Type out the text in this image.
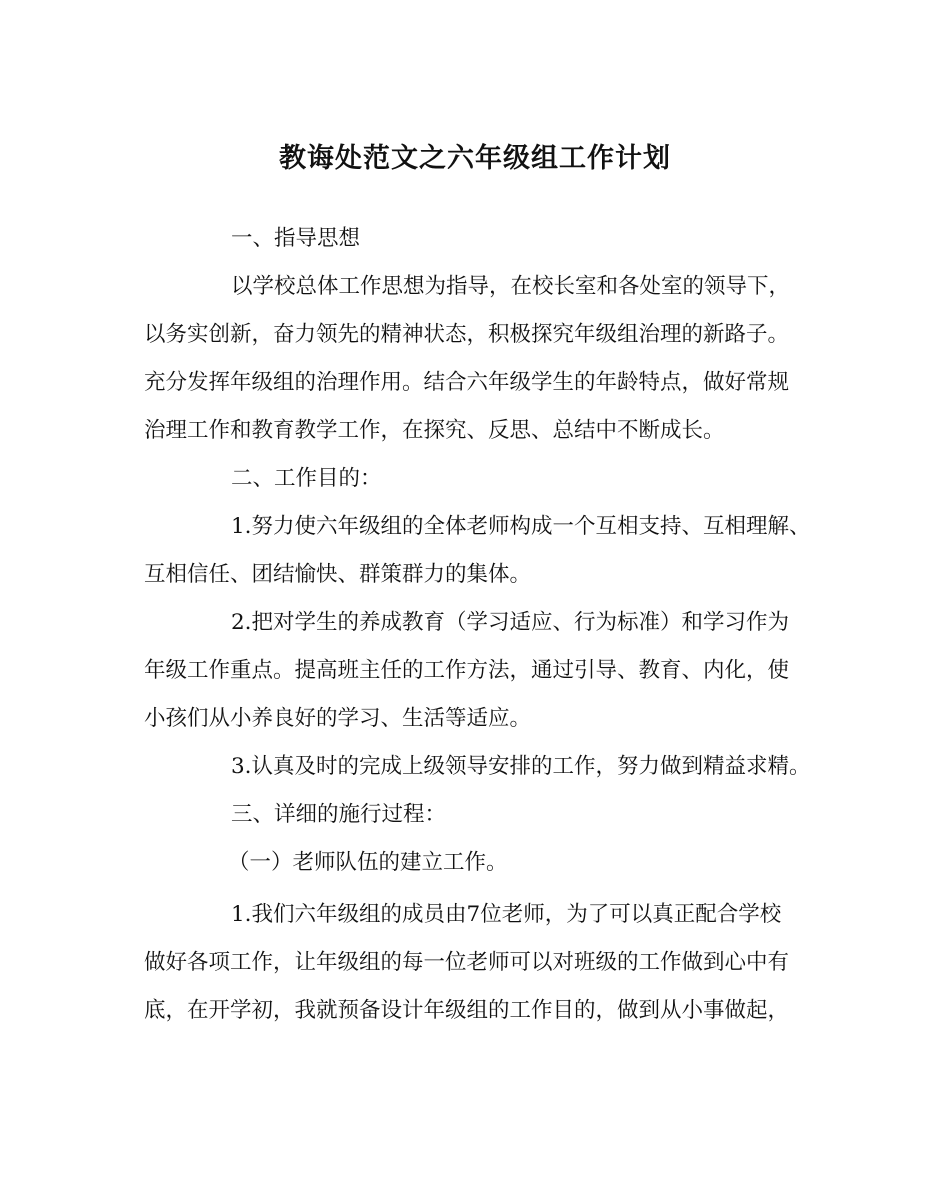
教诲处范文之六年级组工作计划
一、指导思想
以学校总体工作思想为指导，在校长室和各处室的领导下，
以务实创新，奋力领先的精神状态，积极探究年级组治理的新路子。
充分发挥年级组的治理作用。结合六年级学生的年龄特点，做好常规
治理工作和教育教学工作，在探究、反思、总结中不断成长。
二、工作目的：
1.努力使六年级组的全体老师构成一个互相支持、互相理解、
互相信任、团结愉快、群策群力的集体。
2.把对学生的养成教育（学习适应、行为标准）和学习作为
年级工作重点。提高班主任的工作方法，通过引导、教育、内化，使
小孩们从小养良好的学习、生活等适应。
3.认真及时的完成上级领导安排的工作，努力做到精益求精。
三、详细的施行过程：
（一）老师队伍的建立工作。
1.我们六年级组的成员由7位老师，为了可以真正配合学校
做好各项工作，让年级组的每一位老师可以对班级的工作做到心中有
底，在开学初，我就预备设计年级组的工作目的，做到从小事做起，
